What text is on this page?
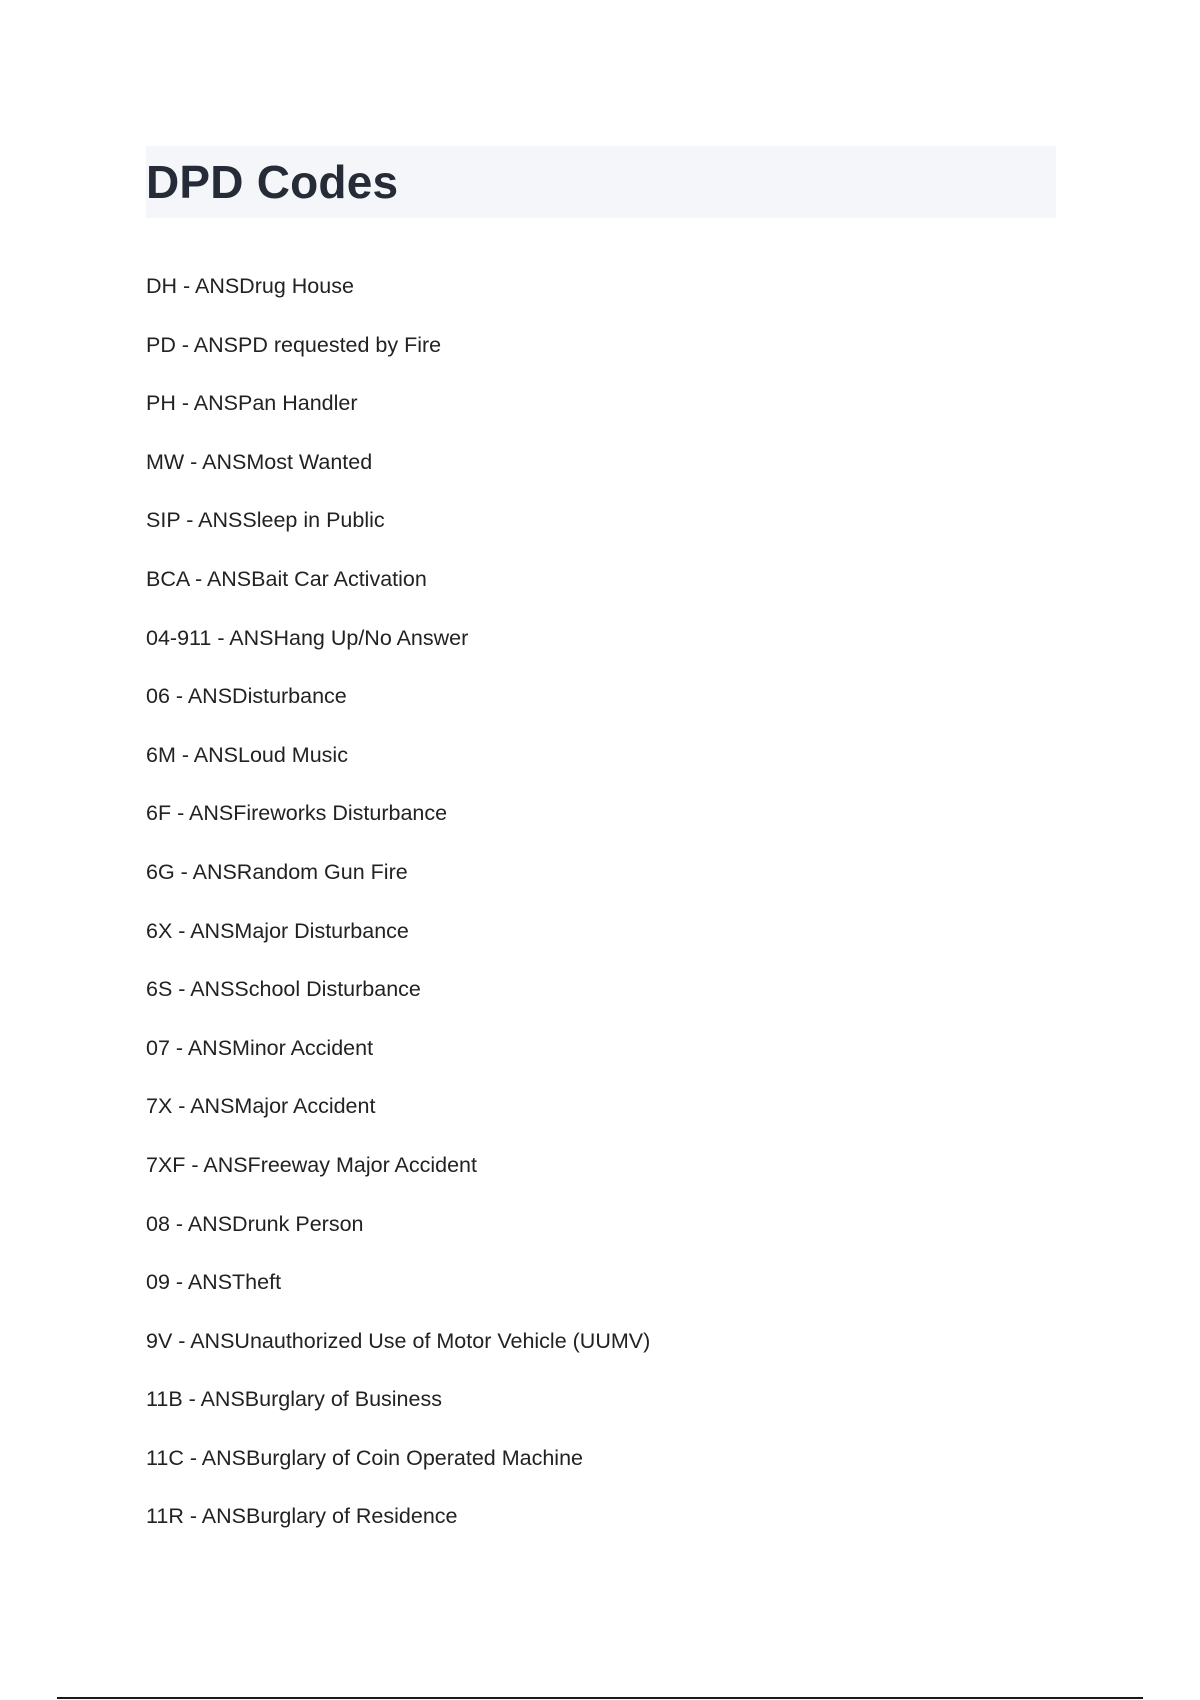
DPD Codes
DH - ANSDrug House
PD - ANSPD requested by Fire
PH - ANSPan Handler
MW - ANSMost Wanted
SIP - ANSSleep in Public
BCA - ANSBait Car Activation
04-911 - ANSHang Up/No Answer
06 - ANSDisturbance
6M - ANSLoud Music
6F - ANSFireworks Disturbance
6G - ANSRandom Gun Fire
6X - ANSMajor Disturbance
6S - ANSSchool Disturbance
07 - ANSMinor Accident
7X - ANSMajor Accident
7XF - ANSFreeway Major Accident
08 - ANSDrunk Person
09 - ANSTheft
9V - ANSUnauthorized Use of Motor Vehicle (UUMV)
11B - ANSBurglary of Business
11C - ANSBurglary of Coin Operated Machine
11R - ANSBurglary of Residence
